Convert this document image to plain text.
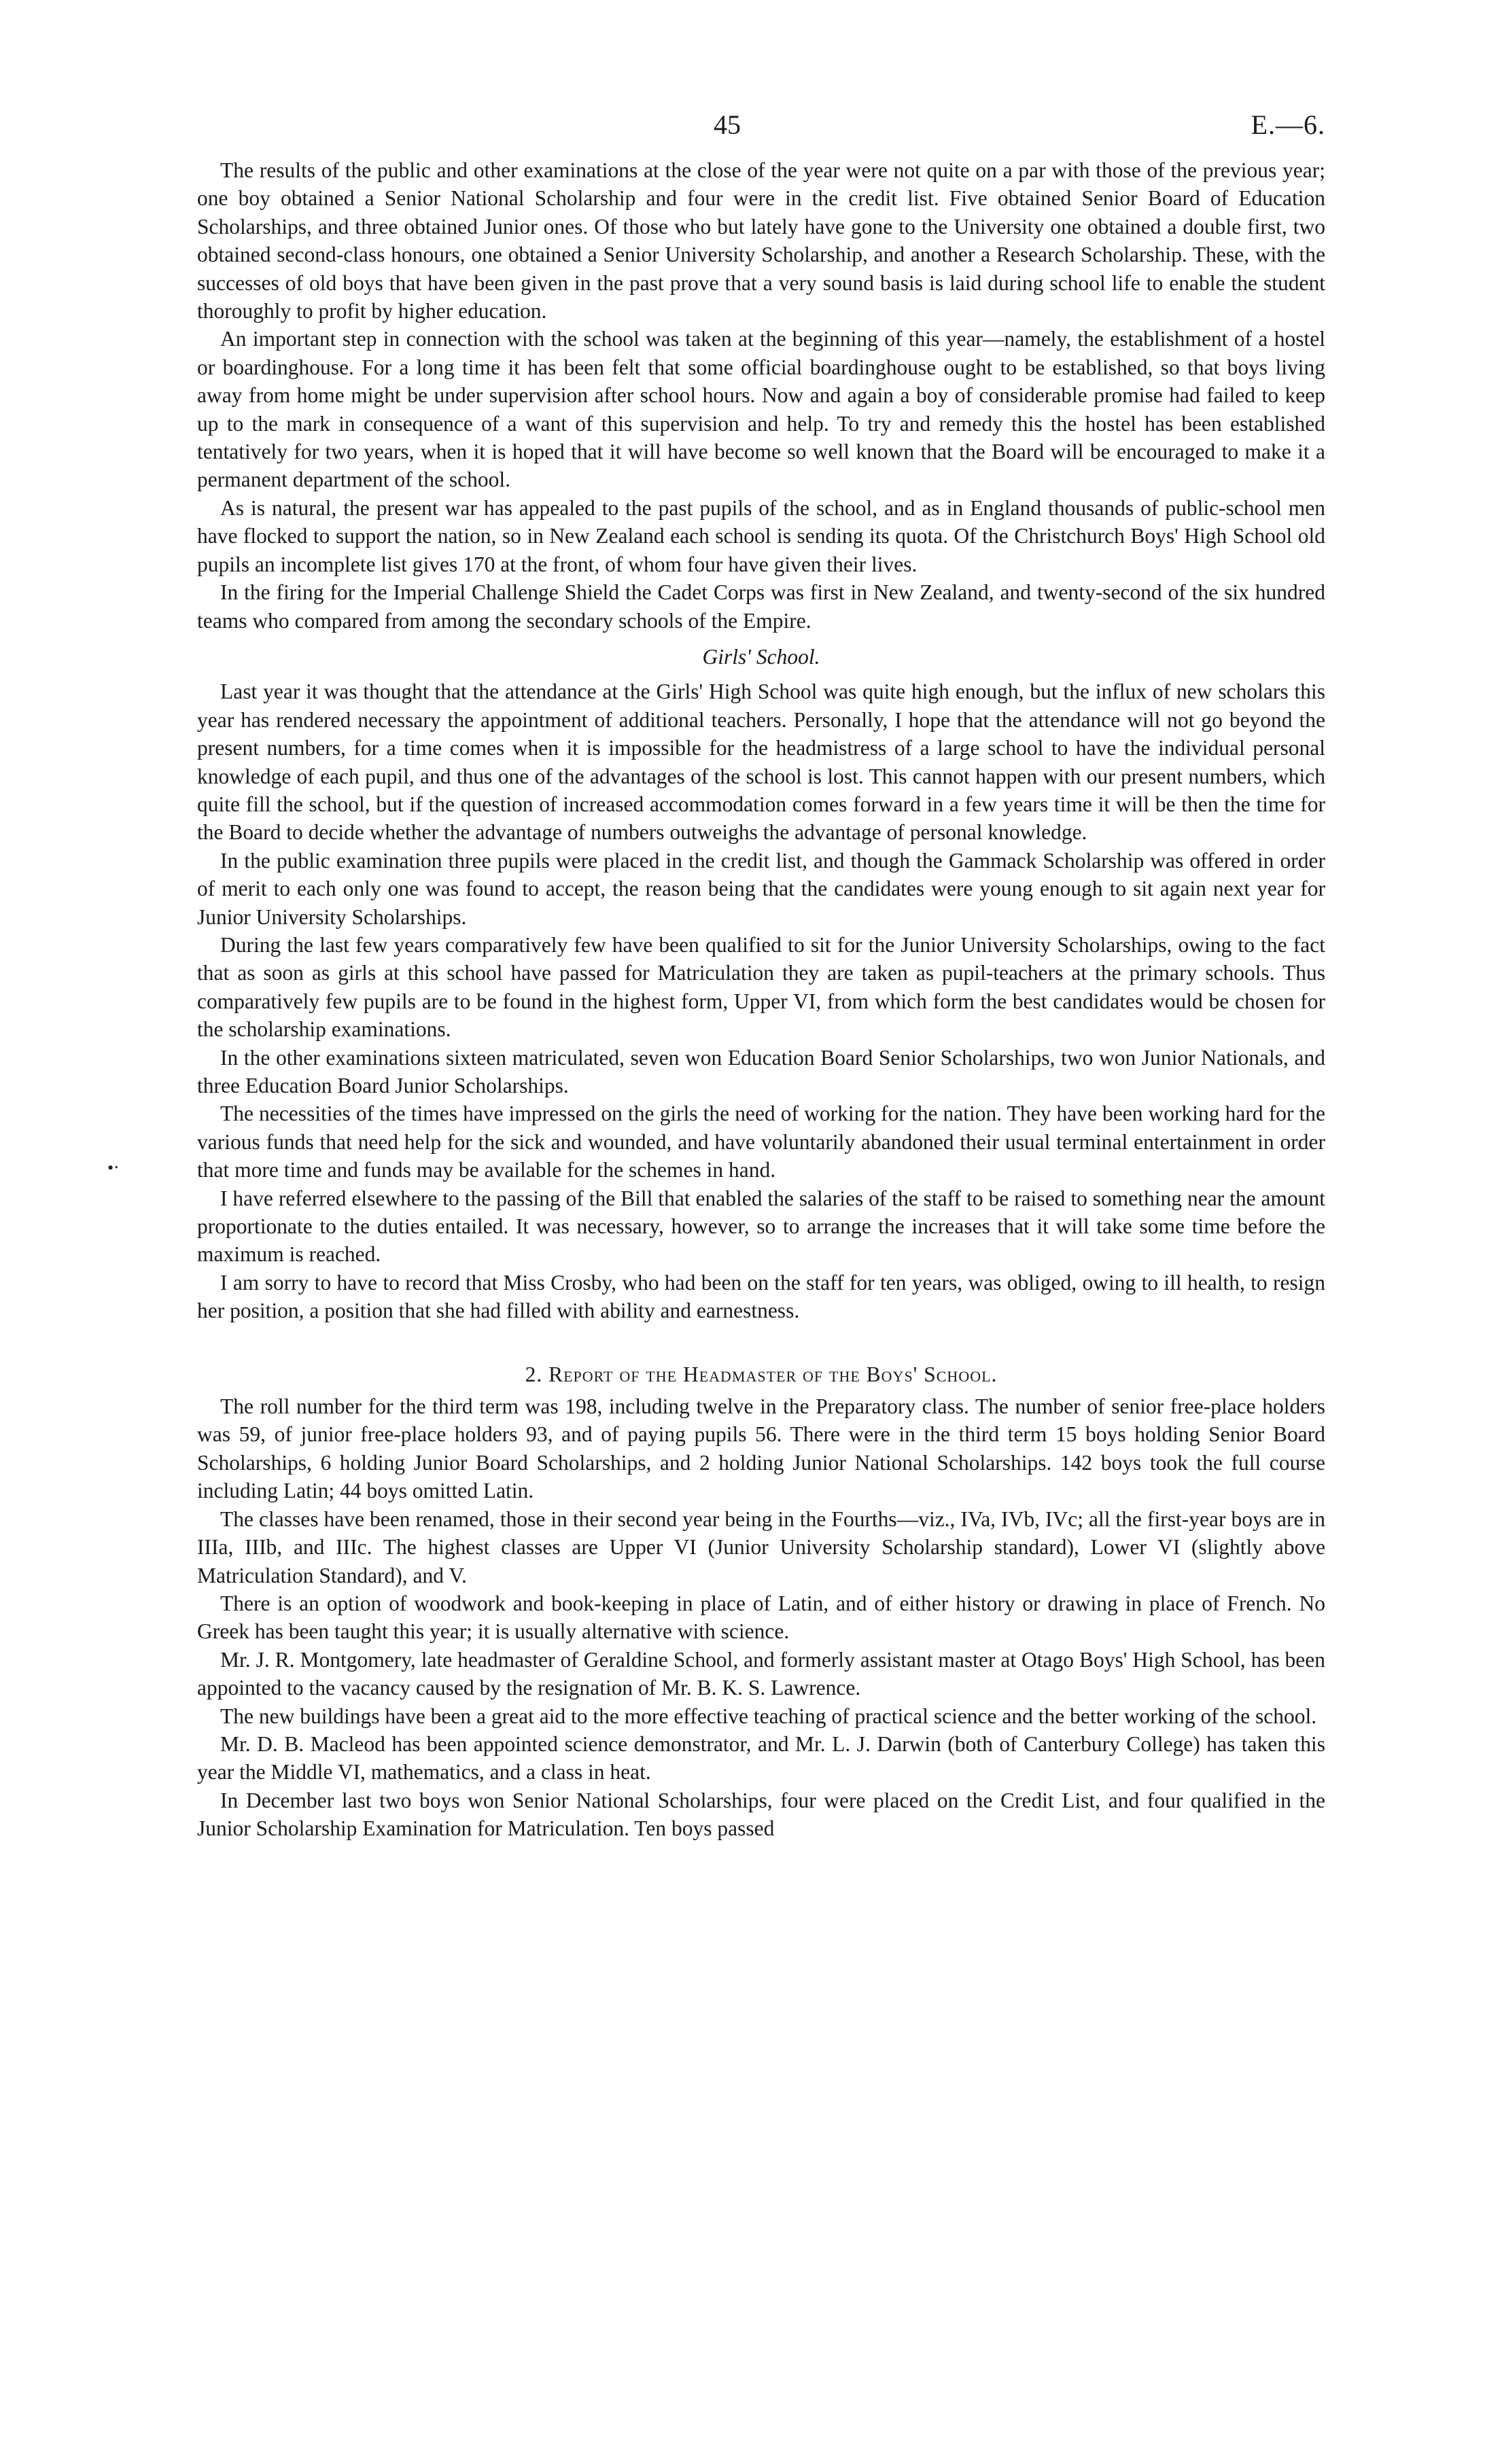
45	E.—6.

The results of the public and other examinations at the close of the year were not quite on a par with those of the previous year; one boy obtained a Senior National Scholarship and four were in the credit list. Five obtained Senior Board of Education Scholarships, and three obtained Junior ones. Of those who but lately have gone to the University one obtained a double first, two obtained second-class honours, one obtained a Senior University Scholarship, and another a Research Scholarship. These, with the successes of old boys that have been given in the past prove that a very sound basis is laid during school life to enable the student thoroughly to profit by higher education.

An important step in connection with the school was taken at the beginning of this year—namely, the establishment of a hostel or boardinghouse. For a long time it has been felt that some official boardinghouse ought to be established, so that boys living away from home might be under supervision after school hours. Now and again a boy of considerable promise had failed to keep up to the mark in consequence of a want of this supervision and help. To try and remedy this the hostel has been established tentatively for two years, when it is hoped that it will have become so well known that the Board will be encouraged to make it a permanent department of the school.

As is natural, the present war has appealed to the past pupils of the school, and as in England thousands of public-school men have flocked to support the nation, so in New Zealand each school is sending its quota. Of the Christchurch Boys' High School old pupils an incomplete list gives 170 at the front, of whom four have given their lives.

In the firing for the Imperial Challenge Shield the Cadet Corps was first in New Zealand, and twenty-second of the six hundred teams who compared from among the secondary schools of the Empire.

Girls' School.

Last year it was thought that the attendance at the Girls' High School was quite high enough, but the influx of new scholars this year has rendered necessary the appointment of additional teachers. Personally, I hope that the attendance will not go beyond the present numbers, for a time comes when it is impossible for the headmistress of a large school to have the individual personal knowledge of each pupil, and thus one of the advantages of the school is lost. This cannot happen with our present numbers, which quite fill the school, but if the question of increased accommodation comes forward in a few years time it will be then the time for the Board to decide whether the advantage of numbers outweighs the advantage of personal knowledge.

In the public examination three pupils were placed in the credit list, and though the Gammack Scholarship was offered in order of merit to each only one was found to accept, the reason being that the candidates were young enough to sit again next year for Junior University Scholarships.

During the last few years comparatively few have been qualified to sit for the Junior University Scholarships, owing to the fact that as soon as girls at this school have passed for Matriculation they are taken as pupil-teachers at the primary schools. Thus comparatively few pupils are to be found in the highest form, Upper VI, from which form the best candidates would be chosen for the scholarship examinations.

In the other examinations sixteen matriculated, seven won Education Board Senior Scholarships, two won Junior Nationals, and three Education Board Junior Scholarships.

•‧

The necessities of the times have impressed on the girls the need of working for the nation. They have been working hard for the various funds that need help for the sick and wounded, and have voluntarily abandoned their usual terminal entertainment in order that more time and funds may be available for the schemes in hand.

I have referred elsewhere to the passing of the Bill that enabled the salaries of the staff to be raised to something near the amount proportionate to the duties entailed. It was necessary, however, so to arrange the increases that it will take some time before the maximum is reached.

I am sorry to have to record that Miss Crosby, who had been on the staff for ten years, was obliged, owing to ill health, to resign her position, a position that she had filled with ability and earnestness.

2. Report of the Headmaster of the Boys' School.

The roll number for the third term was 198, including twelve in the Preparatory class. The number of senior free-place holders was 59, of junior free-place holders 93, and of paying pupils 56. There were in the third term 15 boys holding Senior Board Scholarships, 6 holding Junior Board Scholarships, and 2 holding Junior National Scholarships. 142 boys took the full course including Latin; 44 boys omitted Latin.

The classes have been renamed, those in their second year being in the Fourths—viz., IVa, IVb, IVc; all the first-year boys are in IIIa, IIIb, and IIIc. The highest classes are Upper VI (Junior University Scholarship standard), Lower VI (slightly above Matriculation Standard), and V.

There is an option of woodwork and book-keeping in place of Latin, and of either history or drawing in place of French. No Greek has been taught this year; it is usually alternative with science.

Mr. J. R. Montgomery, late headmaster of Geraldine School, and formerly assistant master at Otago Boys' High School, has been appointed to the vacancy caused by the resignation of Mr. B. K. S. Lawrence.

The new buildings have been a great aid to the more effective teaching of practical science and the better working of the school.

Mr. D. B. Macleod has been appointed science demonstrator, and Mr. L. J. Darwin (both of Canterbury College) has taken this year the Middle VI, mathematics, and a class in heat.

In December last two boys won Senior National Scholarships, four were placed on the Credit List, and four qualified in the Junior Scholarship Examination for Matriculation. Ten boys passed
